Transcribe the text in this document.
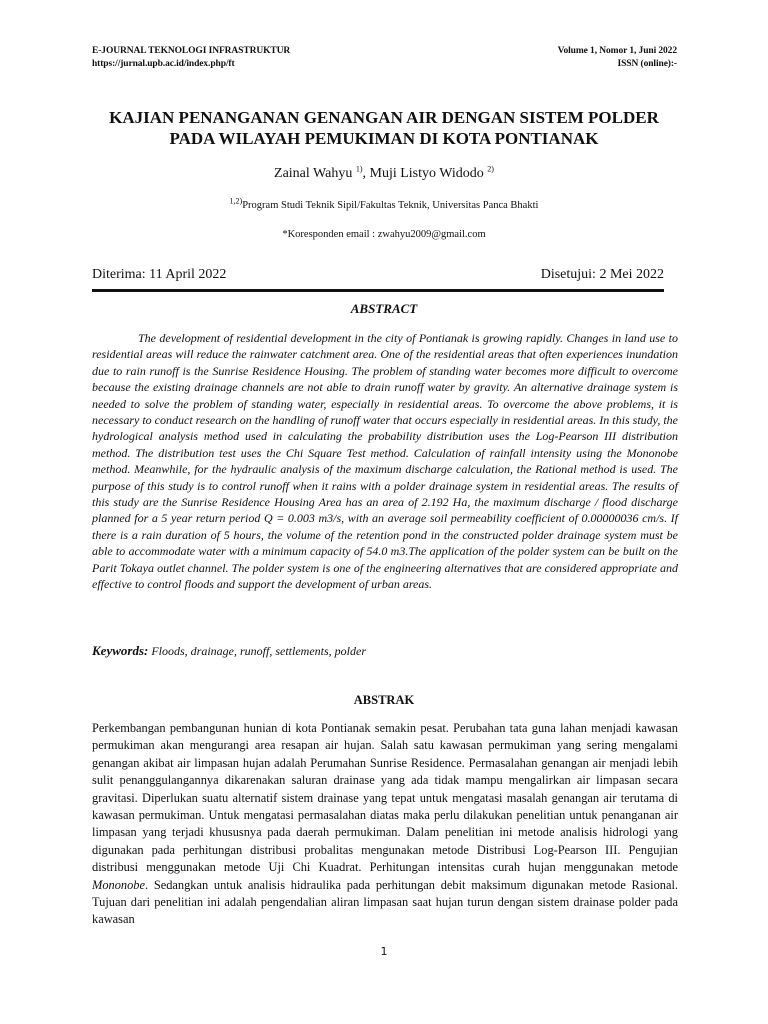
E-JOURNAL TEKNOLOGI INFRASTRUKTUR
https://jurnal.upb.ac.id/index.php/ft
Volume 1, Nomor 1, Juni 2022
ISSN (online):-
KAJIAN PENANGANAN GENANGAN AIR DENGAN SISTEM POLDER
PADA WILAYAH PEMUKIMAN DI KOTA PONTIANAK
Zainal Wahyu $^{1)}$, Muji Listyo Widodo $^{2)}$
$^{1,2)}$Program Studi Teknik Sipil/Fakultas Teknik, Universitas Panca Bhakti
*Koresponden email : zwahyu2009@gmail.com
Diterima: 11 April 2022	Disetujui: 2 Mei 2022
ABSTRACT

The development of residential development in the city of Pontianak is growing rapidly. Changes in land use to residential areas will reduce the rainwater catchment area. One of the residential areas that often experiences inundation due to rain runoff is the Sunrise Residence Housing. The problem of standing water becomes more difficult to overcome because the existing drainage channels are not able to drain runoff water by gravity. An alternative drainage system is needed to solve the problem of standing water, especially in residential areas. To overcome the above problems, it is necessary to conduct research on the handling of runoff water that occurs especially in residential areas. In this study, the hydrological analysis method used in calculating the probability distribution uses the Log-Pearson III distribution method. The distribution test uses the Chi Square Test method. Calculation of rainfall intensity using the Mononobe method. Meanwhile, for the hydraulic analysis of the maximum discharge calculation, the Rational method is used. The purpose of this study is to control runoff when it rains with a polder drainage system in residential areas. The results of this study are the Sunrise Residence Housing Area has an area of 2.192 Ha, the maximum discharge / flood discharge planned for a 5 year return period Q = 0.003 m3/s, with an average soil permeability coefficient of 0.00000036 cm/s. If there is a rain duration of 5 hours, the volume of the retention pond in the constructed polder drainage system must be able to accommodate water with a minimum capacity of 54.0 m3.The application of the polder system can be built on the Parit Tokaya outlet channel. The polder system is one of the engineering alternatives that are considered appropriate and effective to control floods and support the development of urban areas.

Keywords: Floods, drainage, runoff, settlements, polder
ABSTRAK

Perkembangan pembangunan hunian di kota Pontianak semakin pesat. Perubahan tata guna lahan menjadi kawasan permukiman akan mengurangi area resapan air hujan. Salah satu kawasan permukiman yang sering mengalami genangan akibat air limpasan hujan adalah Perumahan Sunrise Residence. Permasalahan genangan air menjadi lebih sulit penanggulangannya dikarenakan saluran drainase yang ada tidak mampu mengalirkan air limpasan secara gravitasi. Diperlukan suatu alternatif sistem drainase yang tepat untuk mengatasi masalah genangan air terutama di kawasan permukiman. Untuk mengatasi permasalahan diatas maka perlu dilakukan penelitian untuk penanganan air limpasan yang terjadi khususnya pada daerah permukiman. Dalam penelitian ini metode analisis hidrologi yang digunakan pada perhitungan distribusi probalitas mengunakan metode Distribusi Log-Pearson III. Pengujian distribusi menggunakan metode Uji Chi Kuadrat. Perhitungan intensitas curah hujan menggunakan metode Mononobe. Sedangkan untuk analisis hidraulika pada perhitungan debit maksimum digunakan metode Rasional. Tujuan dari penelitian ini adalah pengendalian aliran limpasan saat hujan turun dengan sistem drainase polder pada kawasan

1
